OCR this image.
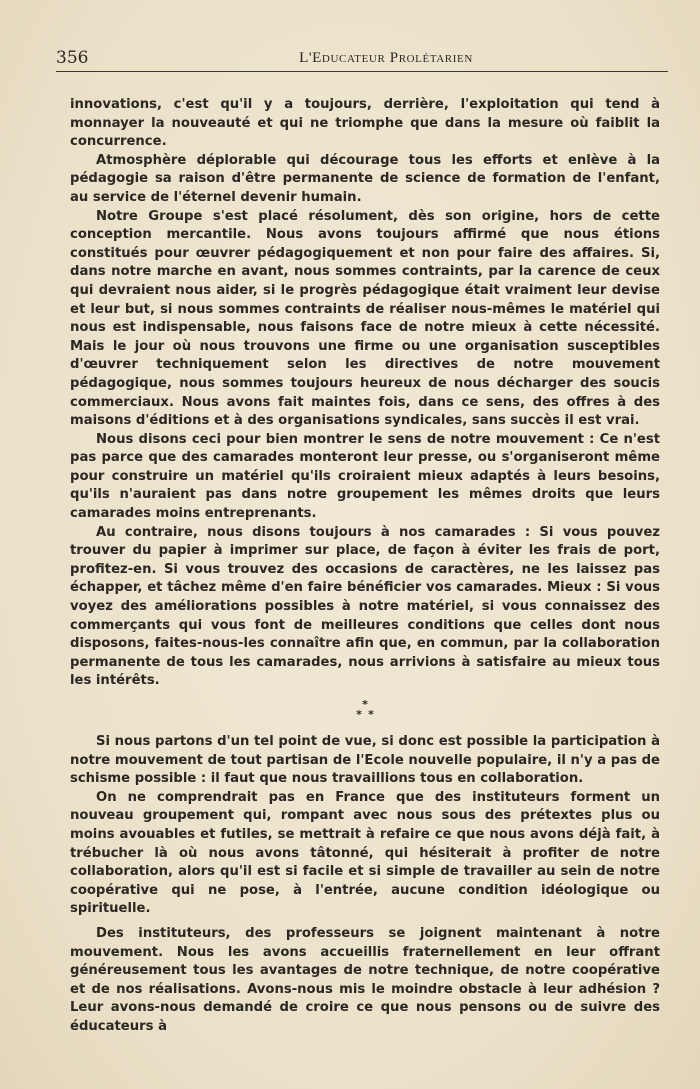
356	L'Educateur Prolétarien

innovations, c'est qu'il y a toujours, derrière, l'exploitation qui tend à monnayer la nouveauté et qui ne triomphe que dans la mesure où faiblit la concurrence.

Atmosphère déplorable qui décourage tous les efforts et enlève à la pédagogie sa raison d'être permanente de science de formation de l'enfant, au service de l'éternel devenir humain.

Notre Groupe s'est placé résolument, dès son origine, hors de cette conception mercantile. Nous avons toujours affirmé que nous étions constitués pour œuvrer pédagogiquement et non pour faire des affaires. Si, dans notre marche en avant, nous sommes contraints, par la carence de ceux qui devraient nous aider, si le progrès pédagogique était vraiment leur devise et leur but, si nous sommes contraints de réaliser nous-mêmes le matériel qui nous est indispensable, nous faisons face de notre mieux à cette nécessité. Mais le jour où nous trouvons une firme ou une organisation susceptibles d'œuvrer techniquement selon les directives de notre mouvement pédagogique, nous sommes toujours heureux de nous décharger des soucis commerciaux. Nous avons fait maintes fois, dans ce sens, des offres à des maisons d'éditions et à des organisations syndicales, sans succès il est vrai.

Nous disons ceci pour bien montrer le sens de notre mouvement : Ce n'est pas parce que des camarades monteront leur presse, ou s'organiseront même pour construire un matériel qu'ils croiraient mieux adaptés à leurs besoins, qu'ils n'auraient pas dans notre groupement les mêmes droits que leurs camarades moins entreprenants.

Au contraire, nous disons toujours à nos camarades : Si vous pouvez trouver du papier à imprimer sur place, de façon à éviter les frais de port, profitez-en. Si vous trouvez des occasions de caractères, ne les laissez pas échapper, et tâchez même d'en faire bénéficier vos camarades. Mieux : Si vous voyez des améliorations possibles à notre matériel, si vous connaissez des commerçants qui vous font de meilleures conditions que celles dont nous disposons, faites-nous-les connaître afin que, en commun, par la collaboration permanente de tous les camarades, nous arrivions à satisfaire au mieux tous les intérêts.

*
* *

Si nous partons d'un tel point de vue, si donc est possible la participation à notre mouvement de tout partisan de l'Ecole nouvelle populaire, il n'y a pas de schisme possible : il faut que nous travaillions tous en collaboration.

On ne comprendrait pas en France que des instituteurs forment un nouveau groupement qui, rompant avec nous sous des prétextes plus ou moins avouables et futiles, se mettrait à refaire ce que nous avons déjà fait, à trébucher là où nous avons tâtonné, qui hésiterait à profiter de notre collaboration, alors qu'il est si facile et si simple de travailler au sein de notre coopérative qui ne pose, à l'entrée, aucune condition idéologique ou spirituelle.

Des instituteurs, des professeurs se joignent maintenant à notre mouvement. Nous les avons accueillis fraternellement en leur offrant généreusement tous les avantages de notre technique, de notre coopérative et de nos réalisations. Avons-nous mis le moindre obstacle à leur adhésion ? Leur avons-nous demandé de croire ce que nous pensons ou de suivre des éducateurs à
